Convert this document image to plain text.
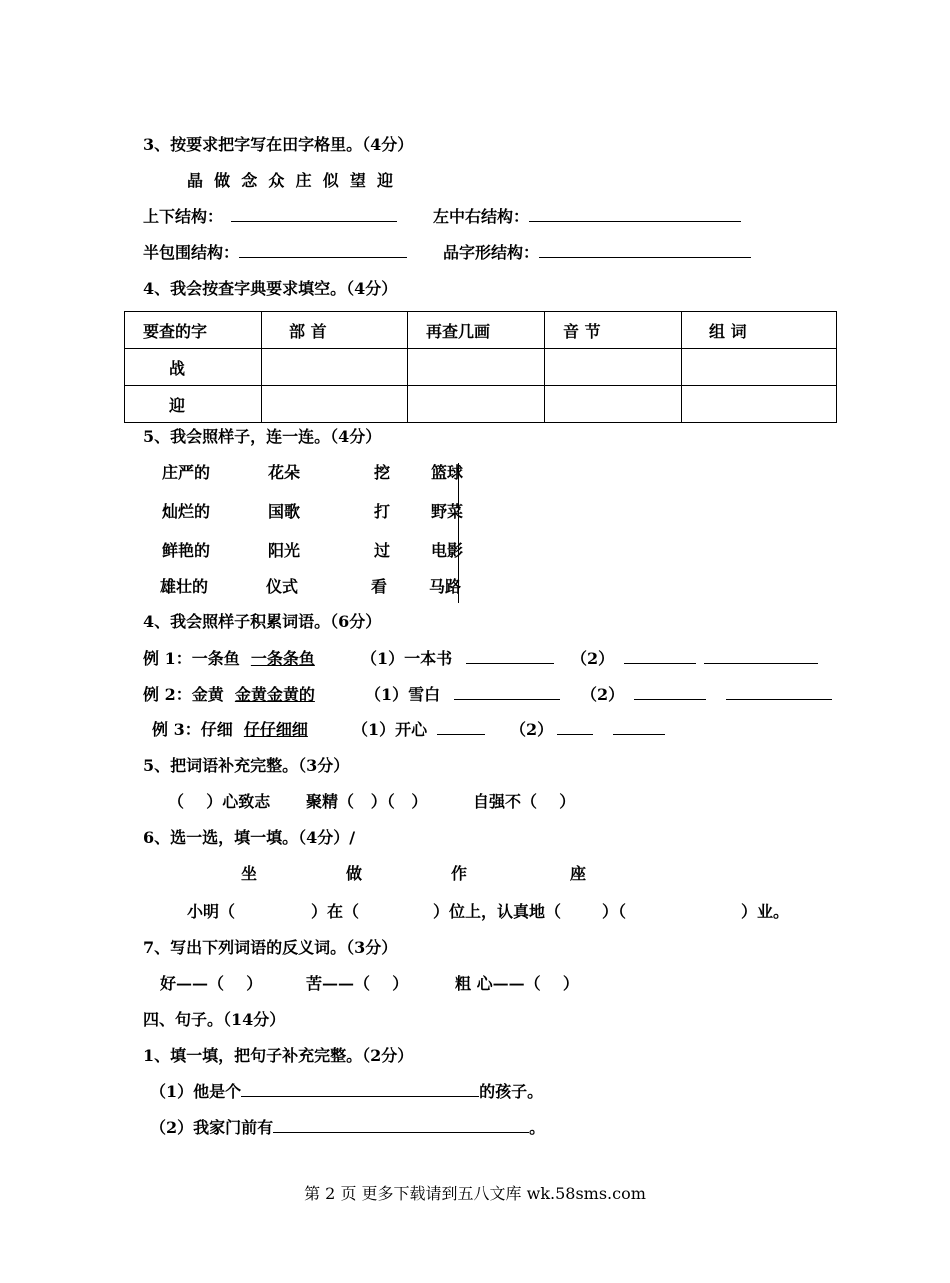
3、按要求把字写在田字格里。（4分）
晶  做  念  众  庄  似  望  迎
上下结构：	左中右结构：
半包围结构：	品字形结构：
4、我会按查字典要求填空。（4分）
要查的字	部 首	再查几画	音 节	组 词
战				
迎				
5、我会照样子，连一连。（4分）
庄严的	花朵	挖	篮球
灿烂的	国歌	打	野菜
鲜艳的	阳光	过	电影
雄壮的	仪式	看	马路
4、我会照样子积累词语。（6分）
例 1：一条鱼 一条条鱼	（1）一本书	（2）
例 2：金黄 金黄金黄的	（1）雪白	（2）
例 3：仔细 仔仔细细	（1）开心	（2）
5、把词语补充完整。（3分）
（    ）心致志 聚精（   ）（   ）	自强不（    ）
6、选一选，填一填。（4分）/
坐	做	作	座
小明（	）在（	）位上，认真地（	）（	）业。
7、写出下列词语的反义词。（3分）
好——（    ）	苦——（    ）	粗 心——（    ）
四、句子。（14分）
1、填一填，把句子补充完整。（2分）
（1）他是个	的孩子。
（2）我家门前有	。
第 2 页 更多下载请到五八文库 wk.58sms.com
